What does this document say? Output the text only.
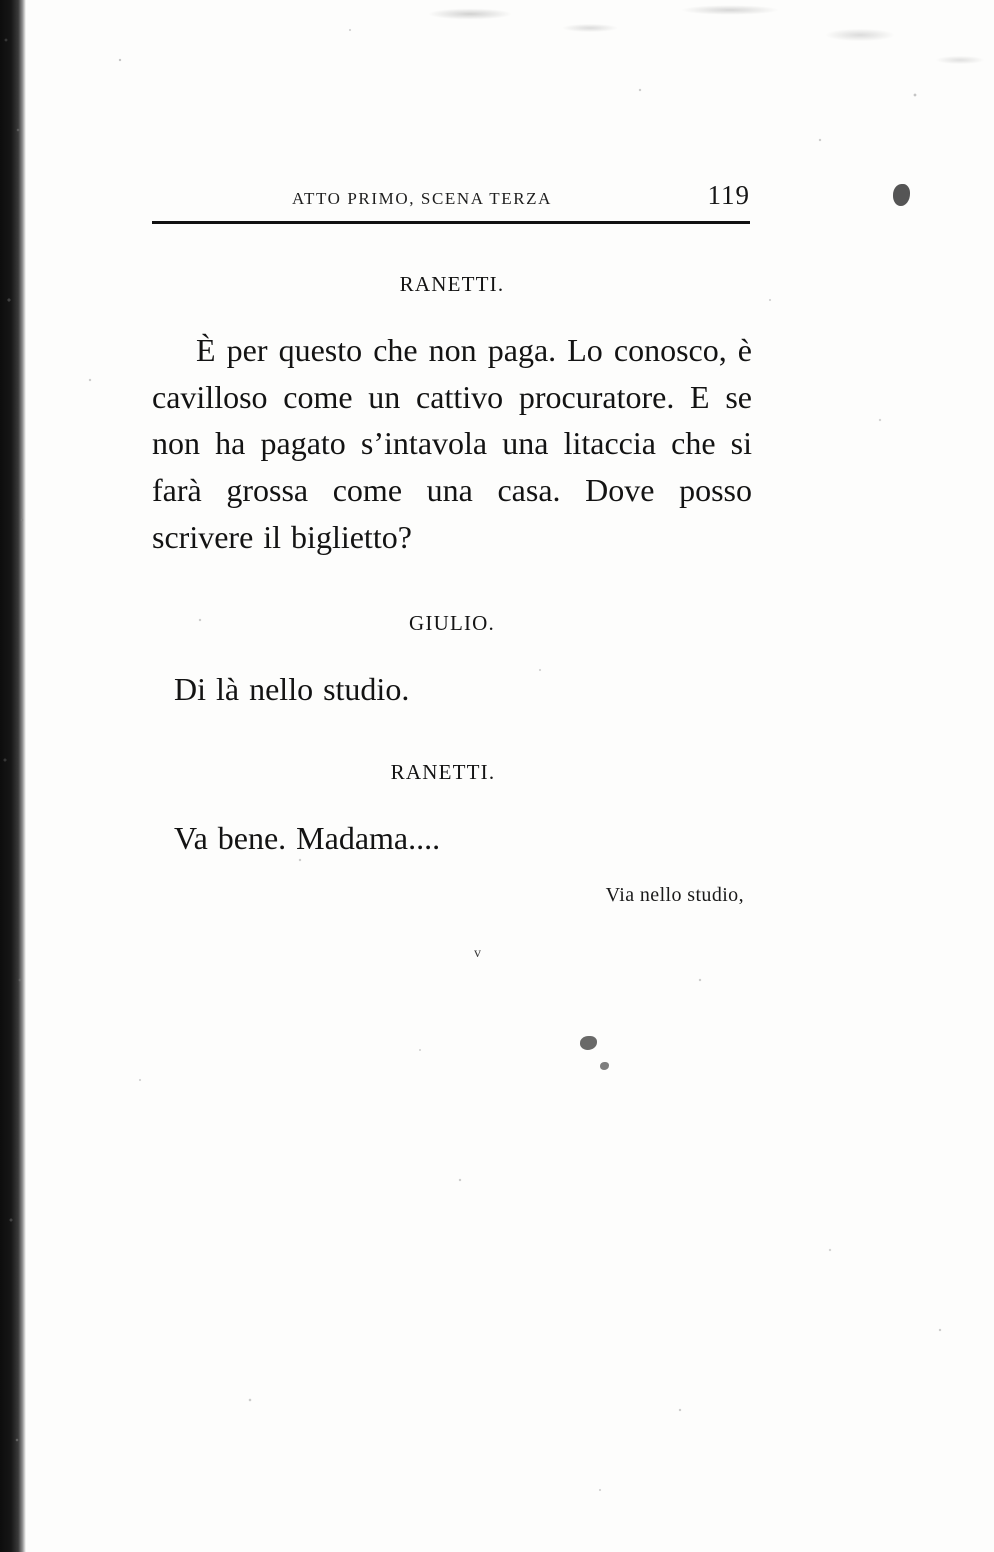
ATTO PRIMO, SCENA TERZA	119
RANETTI.
È per questo che non paga. Lo conosco, è cavilloso come un cattivo procuratore. E se non ha pagato s’intavola una litaccia che si farà grossa come una casa. Dove posso scrivere il biglietto?
GIULIO.
Di là nello studio.
RANETTI.
Va bene. Madama....
Via nello studio,
v
